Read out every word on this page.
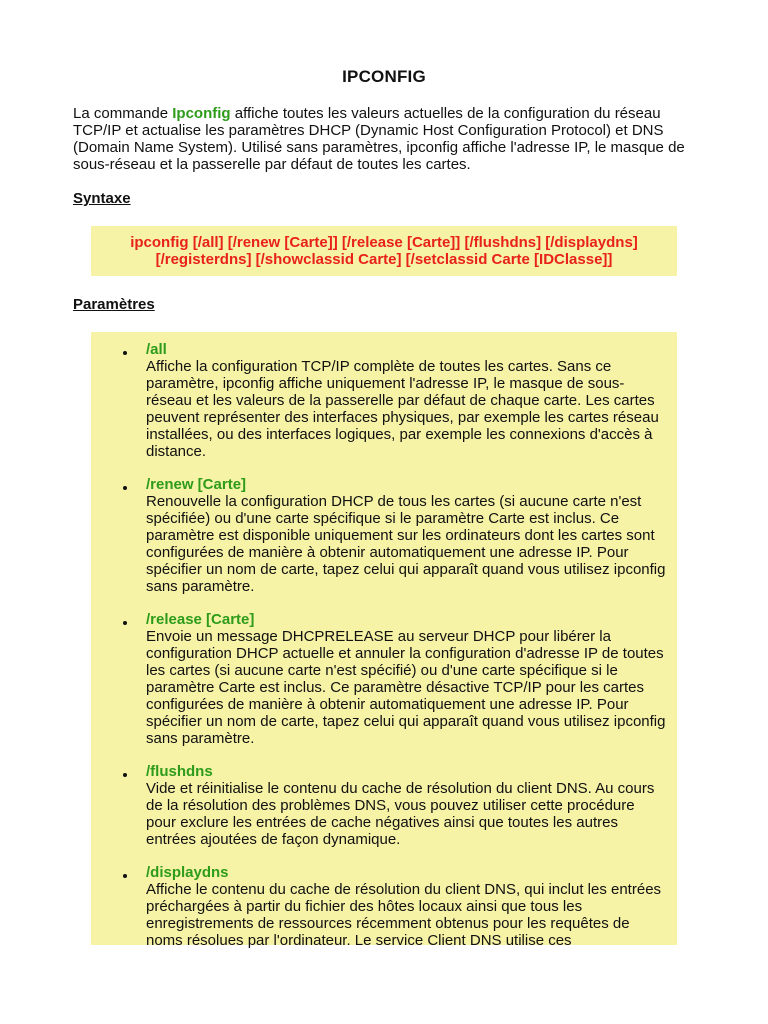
IPCONFIG

La commande Ipconfig affiche toutes les valeurs actuelles de la configuration du réseau TCP/IP et actualise les paramètres DHCP (Dynamic Host Configuration Protocol) et DNS (Domain Name System). Utilisé sans paramètres, ipconfig affiche l'adresse IP, le masque de sous-réseau et la passerelle par défaut de toutes les cartes.

Syntaxe

ipconfig [/all] [/renew [Carte]] [/release [Carte]] [/flushdns] [/displaydns]
[/registerdns] [/showclassid Carte] [/setclassid Carte [IDClasse]]

Paramètres

/all
Affiche la configuration TCP/IP complète de toutes les cartes. Sans ce paramètre, ipconfig affiche uniquement l'adresse IP, le masque de sous-réseau et les valeurs de la passerelle par défaut de chaque carte. Les cartes peuvent représenter des interfaces physiques, par exemple les cartes réseau installées, ou des interfaces logiques, par exemple les connexions d'accès à distance.
/renew [Carte]
Renouvelle la configuration DHCP de tous les cartes (si aucune carte n'est spécifiée) ou d'une carte spécifique si le paramètre Carte est inclus. Ce paramètre est disponible uniquement sur les ordinateurs dont les cartes sont configurées de manière à obtenir automatiquement une adresse IP. Pour spécifier un nom de carte, tapez celui qui apparaît quand vous utilisez ipconfig sans paramètre.
/release [Carte]
Envoie un message DHCPRELEASE au serveur DHCP pour libérer la configuration DHCP actuelle et annuler la configuration d'adresse IP de toutes les cartes (si aucune carte n'est spécifié) ou d'une carte spécifique si le paramètre Carte est inclus. Ce paramètre désactive TCP/IP pour les cartes configurées de manière à obtenir automatiquement une adresse IP. Pour spécifier un nom de carte, tapez celui qui apparaît quand vous utilisez ipconfig sans paramètre.
/flushdns
Vide et réinitialise le contenu du cache de résolution du client DNS. Au cours de la résolution des problèmes DNS, vous pouvez utiliser cette procédure pour exclure les entrées de cache négatives ainsi que toutes les autres entrées ajoutées de façon dynamique.
/displaydns
Affiche le contenu du cache de résolution du client DNS, qui inclut les entrées préchargées à partir du fichier des hôtes locaux ainsi que tous les enregistrements de ressources récemment obtenus pour les requêtes de noms résolues par l'ordinateur. Le service Client DNS utilise ces
